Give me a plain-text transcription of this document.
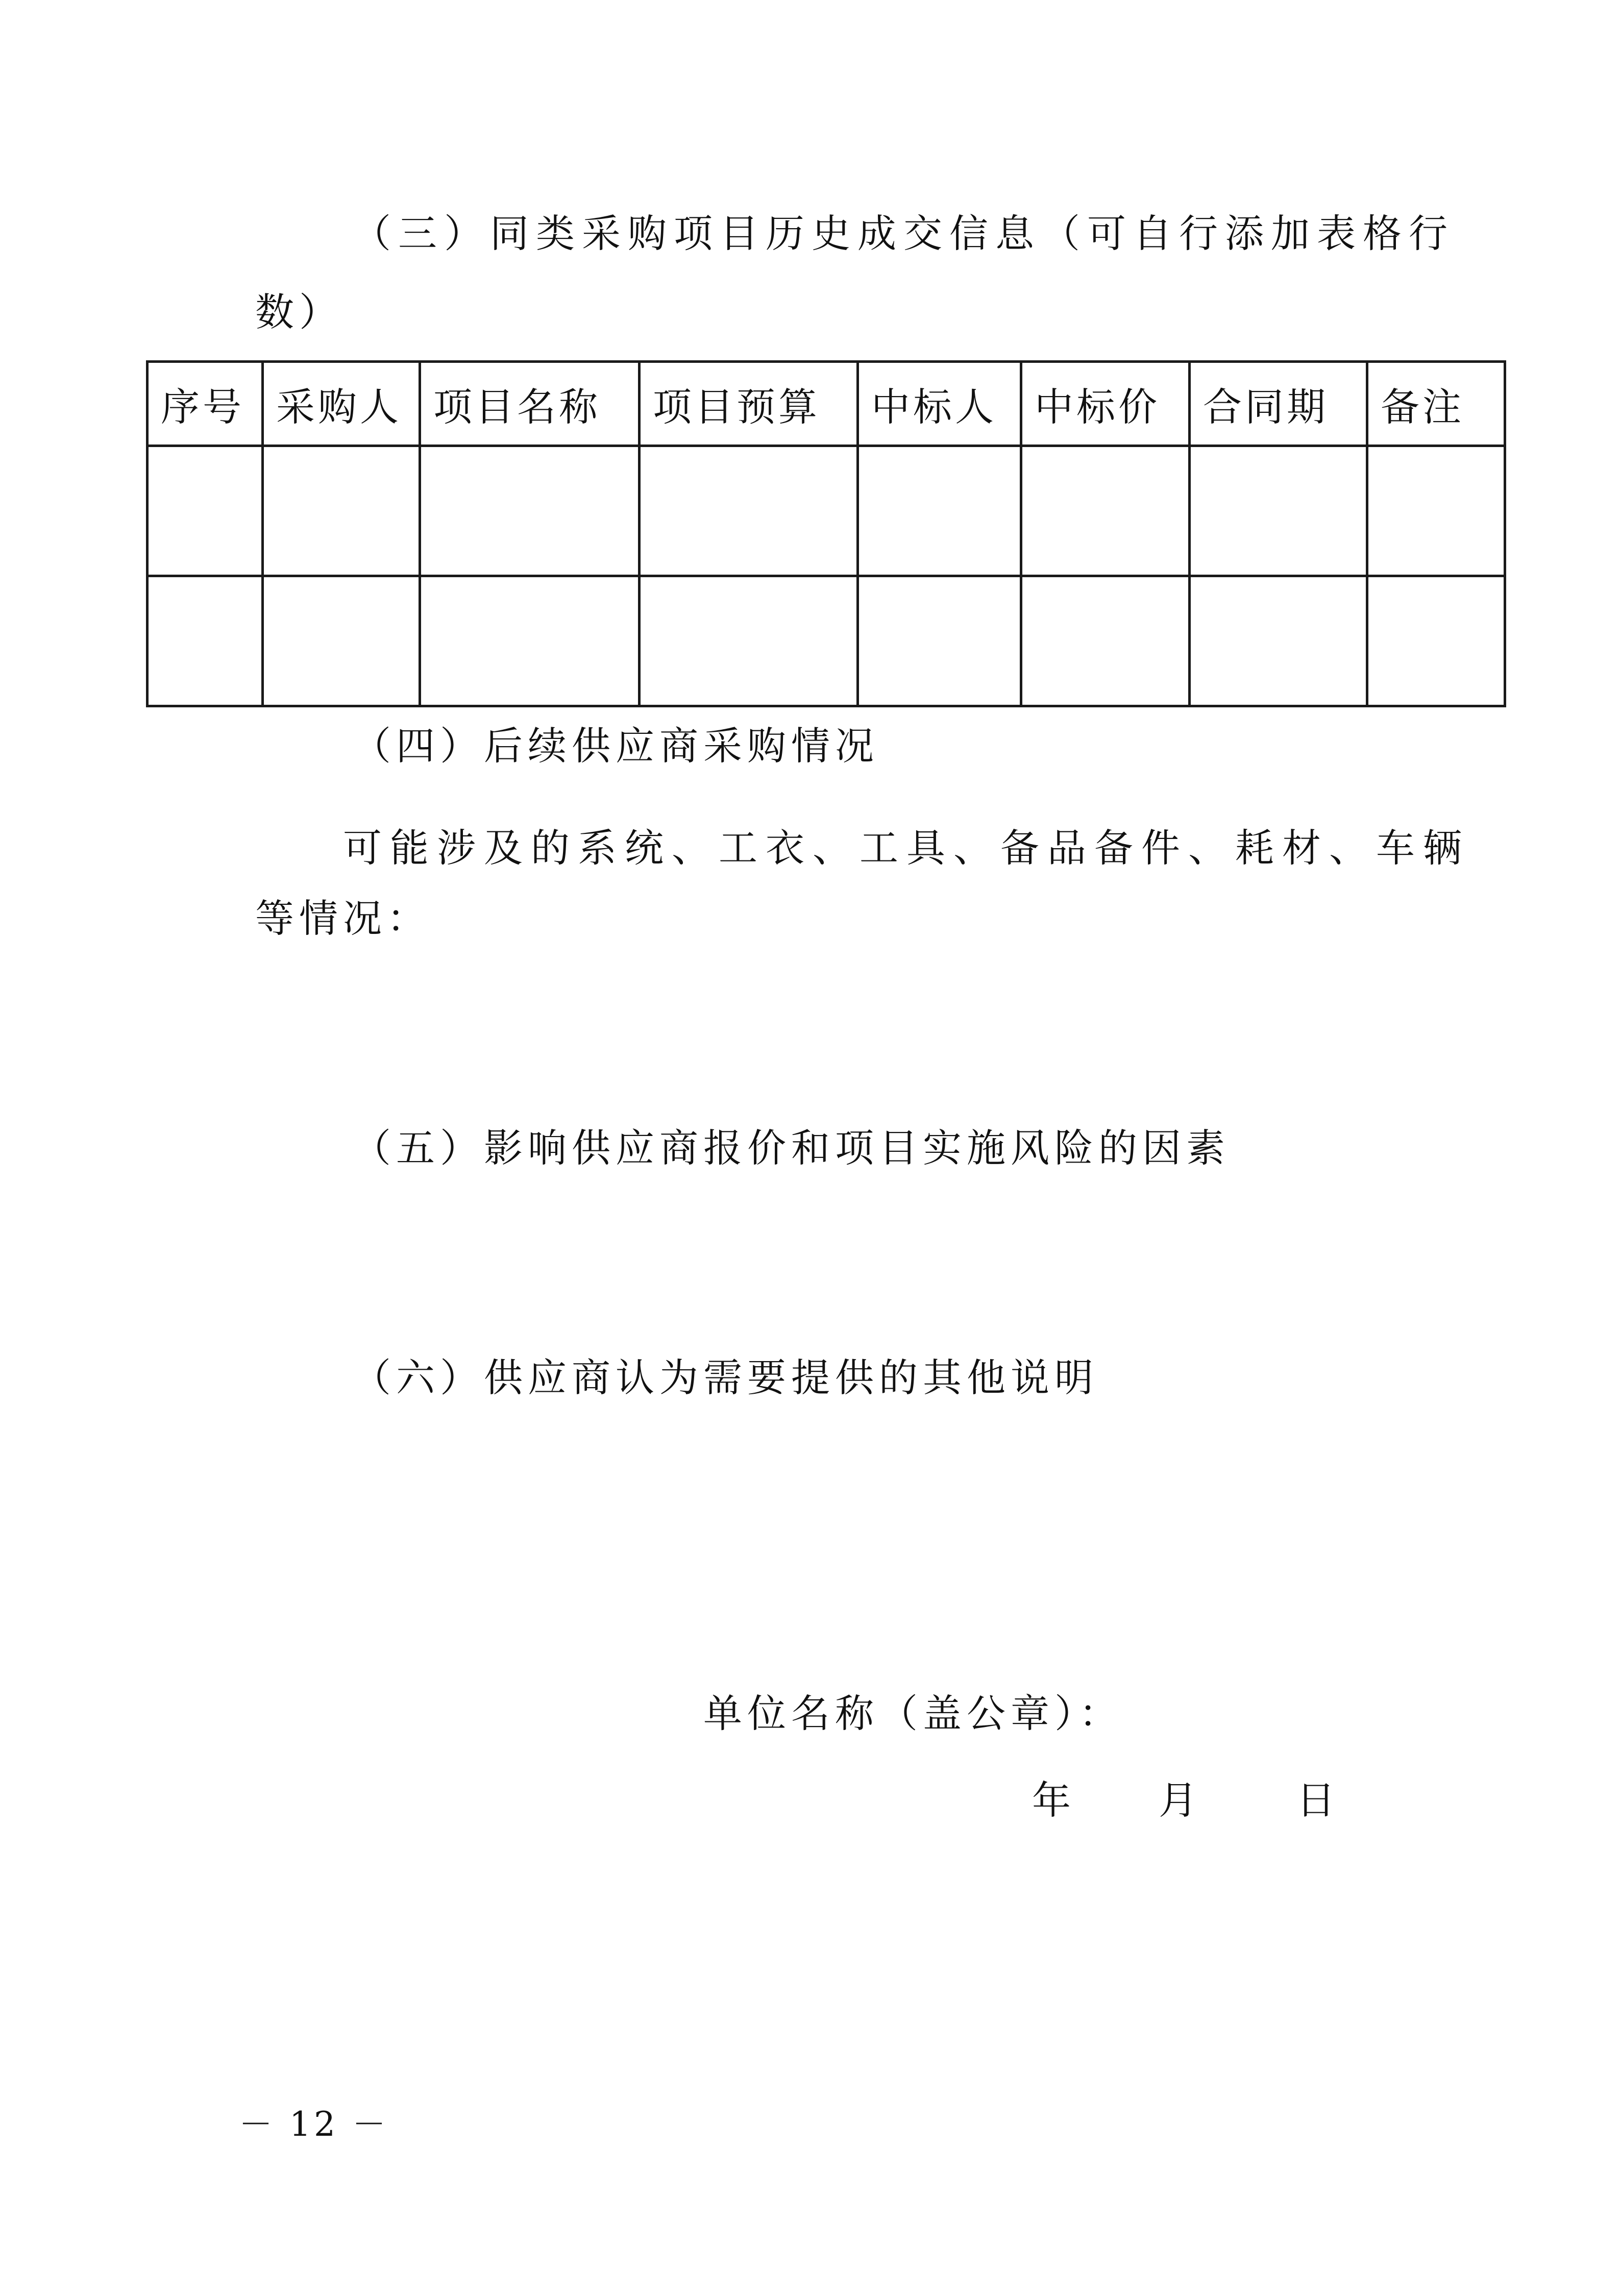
（三）同类采购项目历史成交信息（可自行添加表格行
数）
序号	采购人	项目名称	项目预算	中标人	中标价	合同期	备注

（四）后续供应商采购情况
可能涉及的系统、工衣、工具、备品备件、耗材、车辆
等情况：
（五）影响供应商报价和项目实施风险的因素
（六）供应商认为需要提供的其他说明
单位名称（盖公章）：
年 月 日
－ 12 －
